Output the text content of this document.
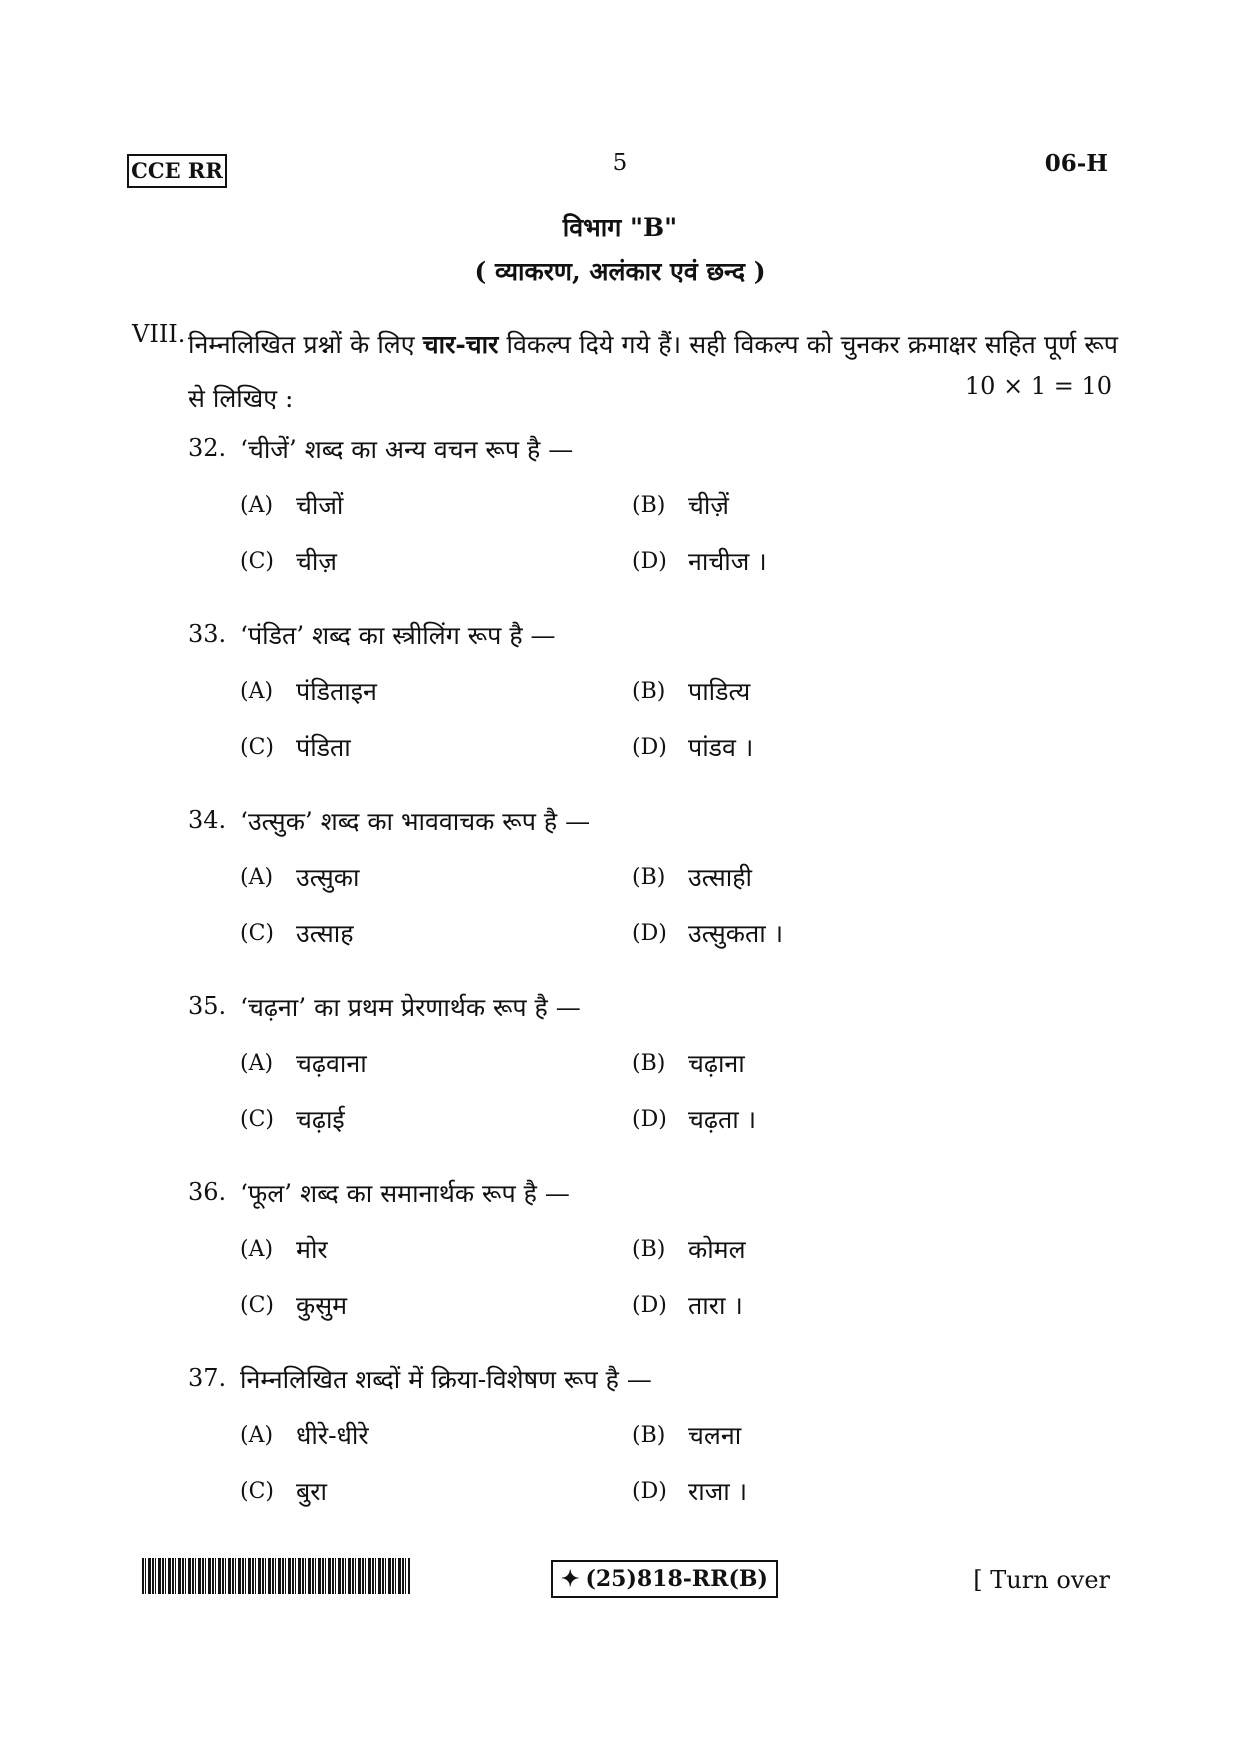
CCE RR	5	06-H
विभाग "B"
( व्याकरण, अलंकार एवं छन्द )
VIII. निम्नलिखित प्रश्नों के लिए चार-चार विकल्प दिये गये हैं। सही विकल्प को चुनकर क्रमाक्षर सहित पूर्ण रूप से लिखिए :	10 × 1 = 10
32. ‘चीजें’ शब्द का अन्य वचन रूप है —
(A) चीजों	(B) चीज़ें
(C) चीज़	(D) नाचीज ।
33. ‘पंडित’ शब्द का स्त्रीलिंग रूप है —
(A) पंडिताइन	(B) पाडित्य
(C) पंडिता	(D) पांडव ।
34. ‘उत्सुक’ शब्द का भाववाचक रूप है —
(A) उत्सुका	(B) उत्साही
(C) उत्साह	(D) उत्सुकता ।
35. ‘चढ़ना’ का प्रथम प्रेरणार्थक रूप है —
(A) चढ़वाना	(B) चढ़ाना
(C) चढ़ाई	(D) चढ़ता ।
36. ‘फूल’ शब्द का समानार्थक रूप है —
(A) मोर	(B) कोमल
(C) कुसुम	(D) तारा ।
37. निम्नलिखित शब्दों में क्रिया-विशेषण रूप है —
(A) धीरे-धीरे	(B) चलना
(C) बुरा	(D) राजा ।
✦ (25)818-RR(B)	[ Turn over
